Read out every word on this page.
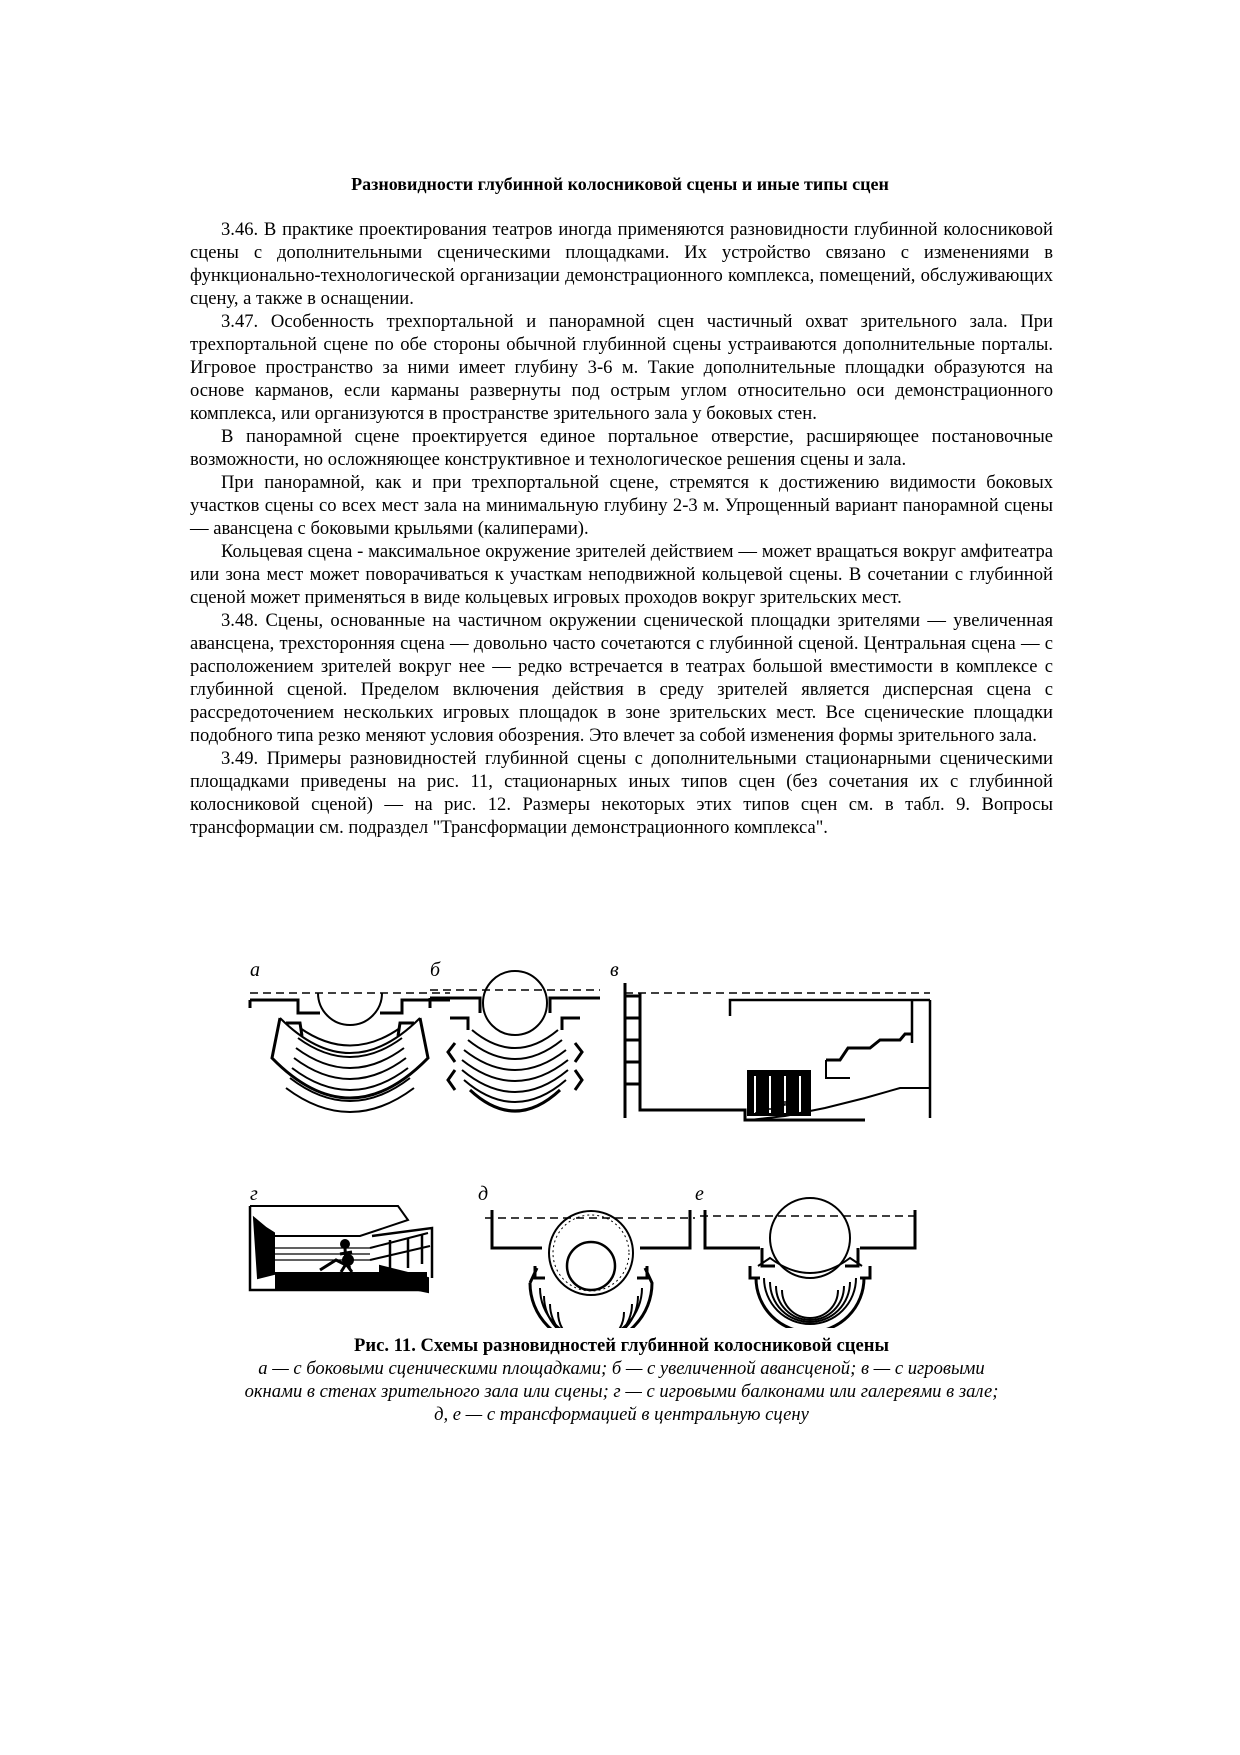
Разновидности глубинной колосниковой сцены и иные типы сцен

3.46. В практике проектирования театров иногда применяются разновидности глубинной колосниковой сцены с дополнительными сценическими площадками. Их устройство связано с изменениями в функционально-технологической организации демонстрационного комплекса, помещений, обслуживающих сцену, а также в оснащении.

3.47. Особенность трехпортальной и панорамной сцен частичный охват зрительного зала. При трехпортальной сцене по обе стороны обычной глубинной сцены устраиваются дополнительные порталы. Игровое пространство за ними имеет глубину 3-6 м. Такие дополнительные площадки образуются на основе карманов, если карманы развернуты под острым углом относительно оси демонстрационного комплекса, или организуются в пространстве зрительного зала у боковых стен.

В панорамной сцене проектируется единое портальное отверстие, расширяющее постановочные возможности, но осложняющее конструктивное и технологическое решения сцены и зала.

При панорамной, как и при трехпортальной сцене, стремятся к достижению видимости боковых участков сцены со всех мест зала на минимальную глубину 2-3 м. Упрощенный вариант панорамной сцены— авансцена с боковыми крыльями (калиперами).

Кольцевая сцена - максимальное окружение зрителей действием — может вращаться вокруг амфитеатра или зона мест может поворачиваться к участкам неподвижной кольцевой сцены. В сочетании с глубинной сценой может применяться в виде кольцевых игровых проходов вокруг зрительских мест.

3.48. Сцены, основанные на частичном окружении сценической площадки зрителями — увеличенная авансцена, трехсторонняя сцена — довольно часто сочетаются с глубинной сценой. Центральная сцена — с расположением зрителей вокруг нее — редко встречается в театрах большой вместимости в комплексе с глубинной сценой. Пределом включения действия в среду зрителей является дисперсная сцена с рассредоточением нескольких игровых площадок в зоне зрительских мест. Все сценические площадки подобного типа резко меняют условия обозрения. Это влечет за собой изменения формы зрительного зала.

3.49. Примеры разновидностей глубинной сцены с дополнительными стационарными сценическими площадками приведены на рис. 11, стационарных иных типов сцен (без сочетания их с глубинной колосниковой сценой) — на рис. 12. Размеры некоторых этих типов сцен см. в табл. 9. Вопросы трансформации см. подраздел "Трансформации демонстрационного комплекса".

а	б	в
г	д	е

Рис. 11. Схемы разновидностей глубинной колосниковой сцены

а — с боковыми сценическими площадками; б — с увеличенной авансценой; в — с игровыми

окнами в стенах зрительного зала или сцены; г — с игровыми балконами или галереями в зале;

д, е — с трансформацией в центральную сцену
